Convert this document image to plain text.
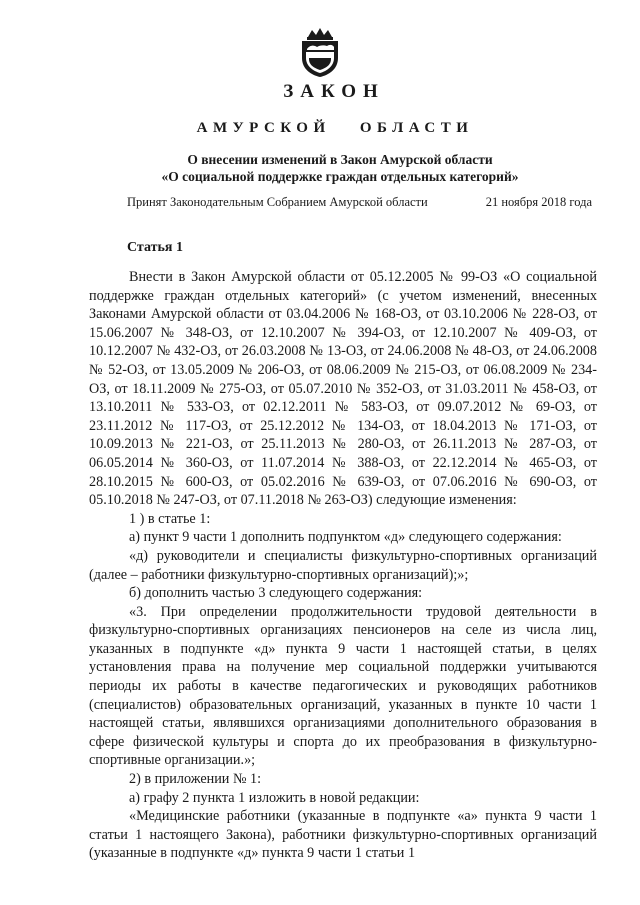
ЗАКОН
АМУРСКОЙ ОБЛАСТИ
О внесении изменений в Закон Амурской области
«О социальной поддержке граждан отдельных категорий»
Принят Законодательным Собранием Амурской области	21 ноября 2018 года
Статья 1

Внести в Закон Амурской области от 05.12.2005 № 99-ОЗ «О социальной поддержке граждан отдельных категорий» (с учетом изменений, внесенных Законами Амурской области от 03.04.2006 № 168-ОЗ, от 03.10.2006 № 228-ОЗ, от 15.06.2007 № 348-ОЗ, от 12.10.2007 № 394-ОЗ, от 12.10.2007 № 409-ОЗ, от 10.12.2007 № 432-ОЗ, от 26.03.2008 № 13-ОЗ, от 24.06.2008 № 48-ОЗ, от 24.06.2008 № 52-ОЗ, от 13.05.2009 № 206-ОЗ, от 08.06.2009 № 215-ОЗ, от 06.08.2009 № 234-ОЗ, от 18.11.2009 № 275-ОЗ, от 05.07.2010 № 352-ОЗ, от 31.03.2011 № 458-ОЗ, от 13.10.2011 № 533-ОЗ, от 02.12.2011 № 583-ОЗ, от 09.07.2012 № 69-ОЗ, от 23.11.2012 № 117-ОЗ, от 25.12.2012 № 134-ОЗ, от 18.04.2013 № 171-ОЗ, от 10.09.2013 № 221-ОЗ, от 25.11.2013 № 280-ОЗ, от 26.11.2013 № 287-ОЗ, от 06.05.2014 № 360-ОЗ, от 11.07.2014 № 388-ОЗ, от 22.12.2014 № 465-ОЗ, от 28.10.2015 № 600-ОЗ, от 05.02.2016 № 639-ОЗ, от 07.06.2016 № 690-ОЗ, от 05.10.2018 № 247-ОЗ, от 07.11.2018 № 263-ОЗ) следующие изменения:

1 ) в статье 1:

а) пункт 9 части 1 дополнить подпунктом «д» следующего содержания:

«д) руководители и специалисты физкультурно-спортивных организаций (далее – работники физкультурно-спортивных организаций);»;

б) дополнить частью 3 следующего содержания:

«3. При определении продолжительности трудовой деятельности в физкультурно-спортивных организациях пенсионеров на селе из числа лиц, указанных в подпункте «д» пункта 9 части 1 настоящей статьи, в целях установления права на получение мер социальной поддержки учитываются периоды их работы в качестве педагогических и руководящих работников (специалистов) образовательных организаций, указанных в пункте 10 части 1 настоящей статьи, являвшихся организациями дополнительного образования в сфере физической культуры и спорта до их преобразования в физкультурно-спортивные организации.»;

2) в приложении № 1:

а) графу 2 пункта 1 изложить в новой редакции:

«Медицинские работники (указанные в подпункте «а» пункта 9 части 1 статьи 1 настоящего Закона), работники физкультурно-спортивных организаций (указанные в подпункте «д» пункта 9 части 1 статьи 1
